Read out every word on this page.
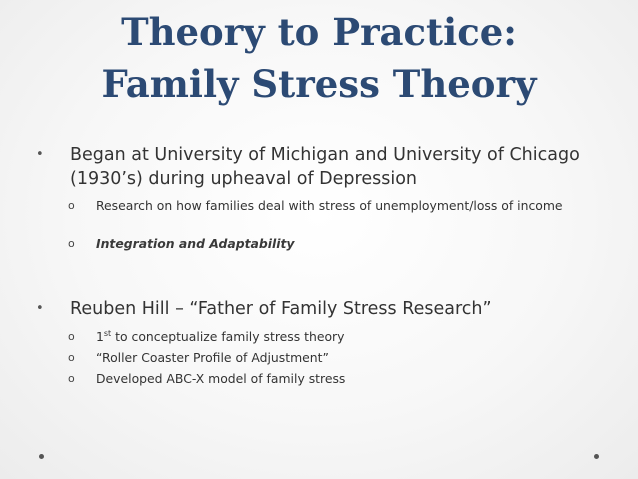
Theory to Practice:
Family Stress Theory
•	Began at University of Michigan and University of Chicago (1930’s) during upheaval of Depression
o	Research on how families deal with stress of unemployment/loss of income
o	Integration and Adaptability
•	Reuben Hill – “Father of Family Stress Research”
o	1st to conceptualize family stress theory
o	“Roller Coaster Profile of Adjustment”
o	Developed ABC-X model of family stress
